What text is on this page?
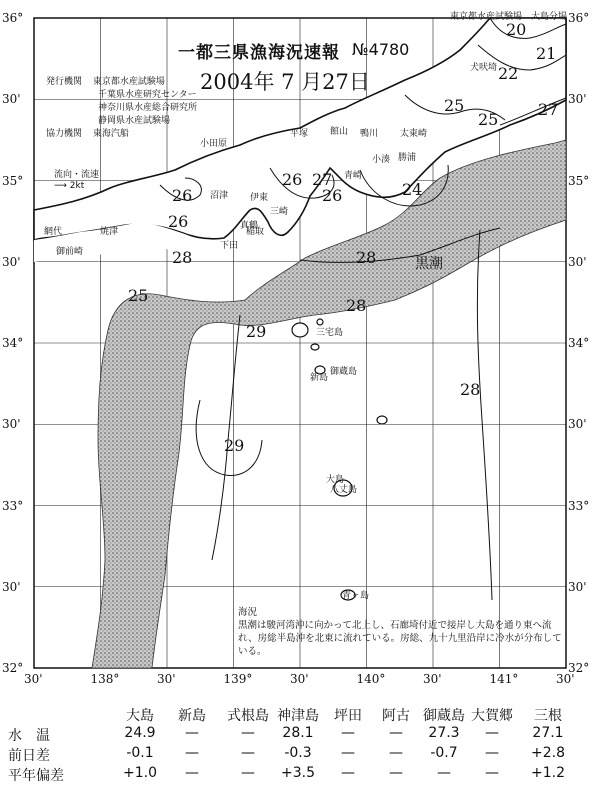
東京都水産試験場　大島分場
一都三県漁海況速報 №4780
2004年 7 月27日
発行機関 東京都水産試験場
千葉県水産研究センター
神奈川県水産総合研究所
静岡県水産試験場
協力機関 東海汽船
流向・流速
⟶ 2kt
36°	36°
30'	30'
35°	35°
30'	30'
34°	34°
30'	30'
33°	33°
30'	30'
32°	32°
30'	138°	30'	139°	30'	140°	30'	141°	30'
犬吠埼
平塚	鴨川 太東崎
小湊 勝浦
青崎
小田原
真鶴
伊東
沼津
御前崎
焼津
網代
下田
稲取
館山
三崎
新島
三宅島
御蔵島
八丈島
大島
青ヶ島
黒潮
20
21
22
25
25
27
26 27
26	24
26
26
28
25
28
28
29
28
29
海況
黒潮は駿河湾沖に向かって北上し、石廊埼付近で接岸し大島を通り東へ流れ、房総半島沖を北東に流れている。房総、九十九里沿岸に冷水が分布している。
大島	新島	式根島 神津島	坪田	阿古 御蔵島 大賀郷	三根
水　温	24.9	—	—	28.1	—	—	27.3	—	27.1
前日差	-0.1	—	—	-0.3	—	—	-0.7	—	+2.8
平年偏差	+1.0	—	—	+3.5	—	—	—	—	+1.2
